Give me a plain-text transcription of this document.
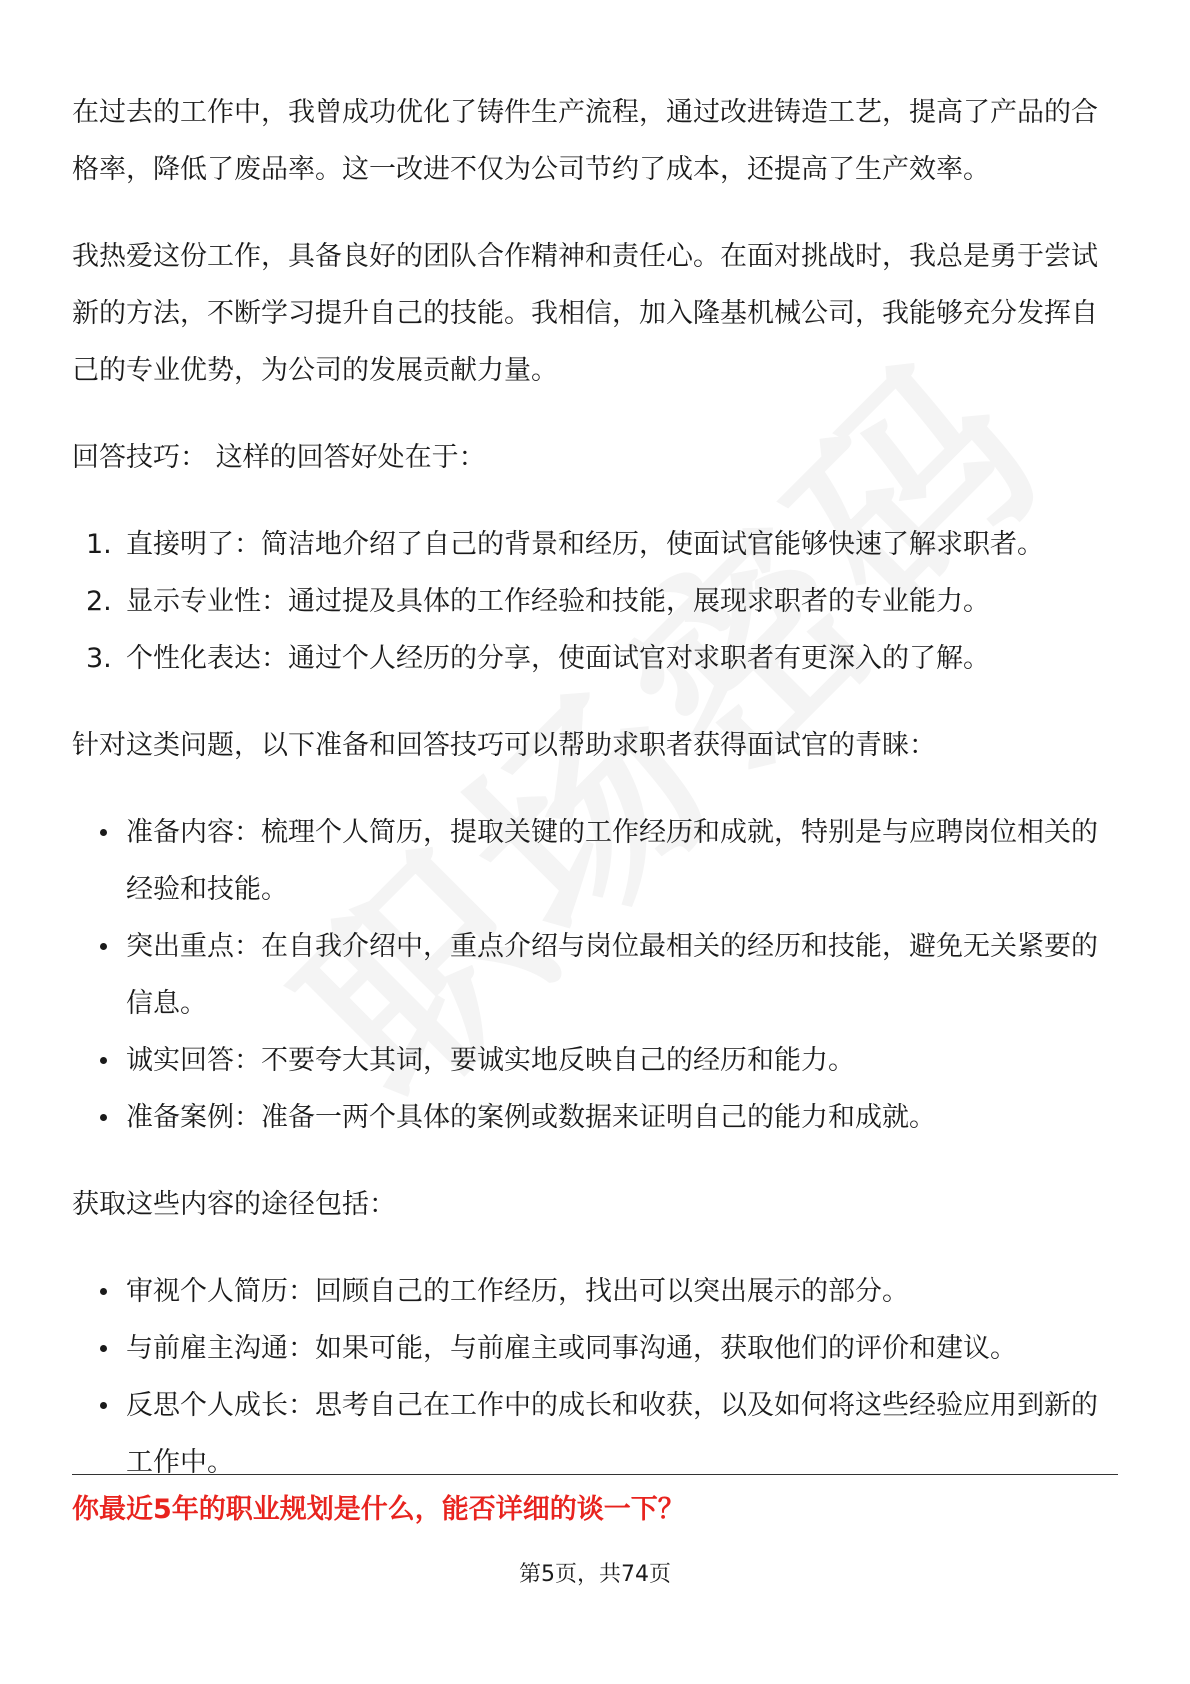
在过去的工作中，我曾成功优化了铸件生产流程，通过改进铸造工艺，提高了产品的合格率，降低了废品率。这一改进不仅为公司节约了成本，还提高了生产效率。

我热爱这份工作，具备良好的团队合作精神和责任心。在面对挑战时，我总是勇于尝试新的方法，不断学习提升自己的技能。我相信，加入隆基机械公司，我能够充分发挥自己的专业优势，为公司的发展贡献力量。

回答技巧： 这样的回答好处在于：

1. 直接明了：简洁地介绍了自己的背景和经历，使面试官能够快速了解求职者。
2. 显示专业性：通过提及具体的工作经验和技能，展现求职者的专业能力。
3. 个性化表达：通过个人经历的分享，使面试官对求职者有更深入的了解。

针对这类问题，以下准备和回答技巧可以帮助求职者获得面试官的青睐：

准备内容：梳理个人简历，提取关键的工作经历和成就，特别是与应聘岗位相关的经验和技能。
突出重点：在自我介绍中，重点介绍与岗位最相关的经历和技能，避免无关紧要的信息。
诚实回答：不要夸大其词，要诚实地反映自己的经历和能力。
准备案例：准备一两个具体的案例或数据来证明自己的能力和成就。

获取这些内容的途径包括：

审视个人简历：回顾自己的工作经历，找出可以突出展示的部分。
与前雇主沟通：如果可能，与前雇主或同事沟通，获取他们的评价和建议。
反思个人成长：思考自己在工作中的成长和收获，以及如何将这些经验应用到新的工作中。
你最近5年的职业规划是什么，能否详细的谈一下？
第5页，共74页
